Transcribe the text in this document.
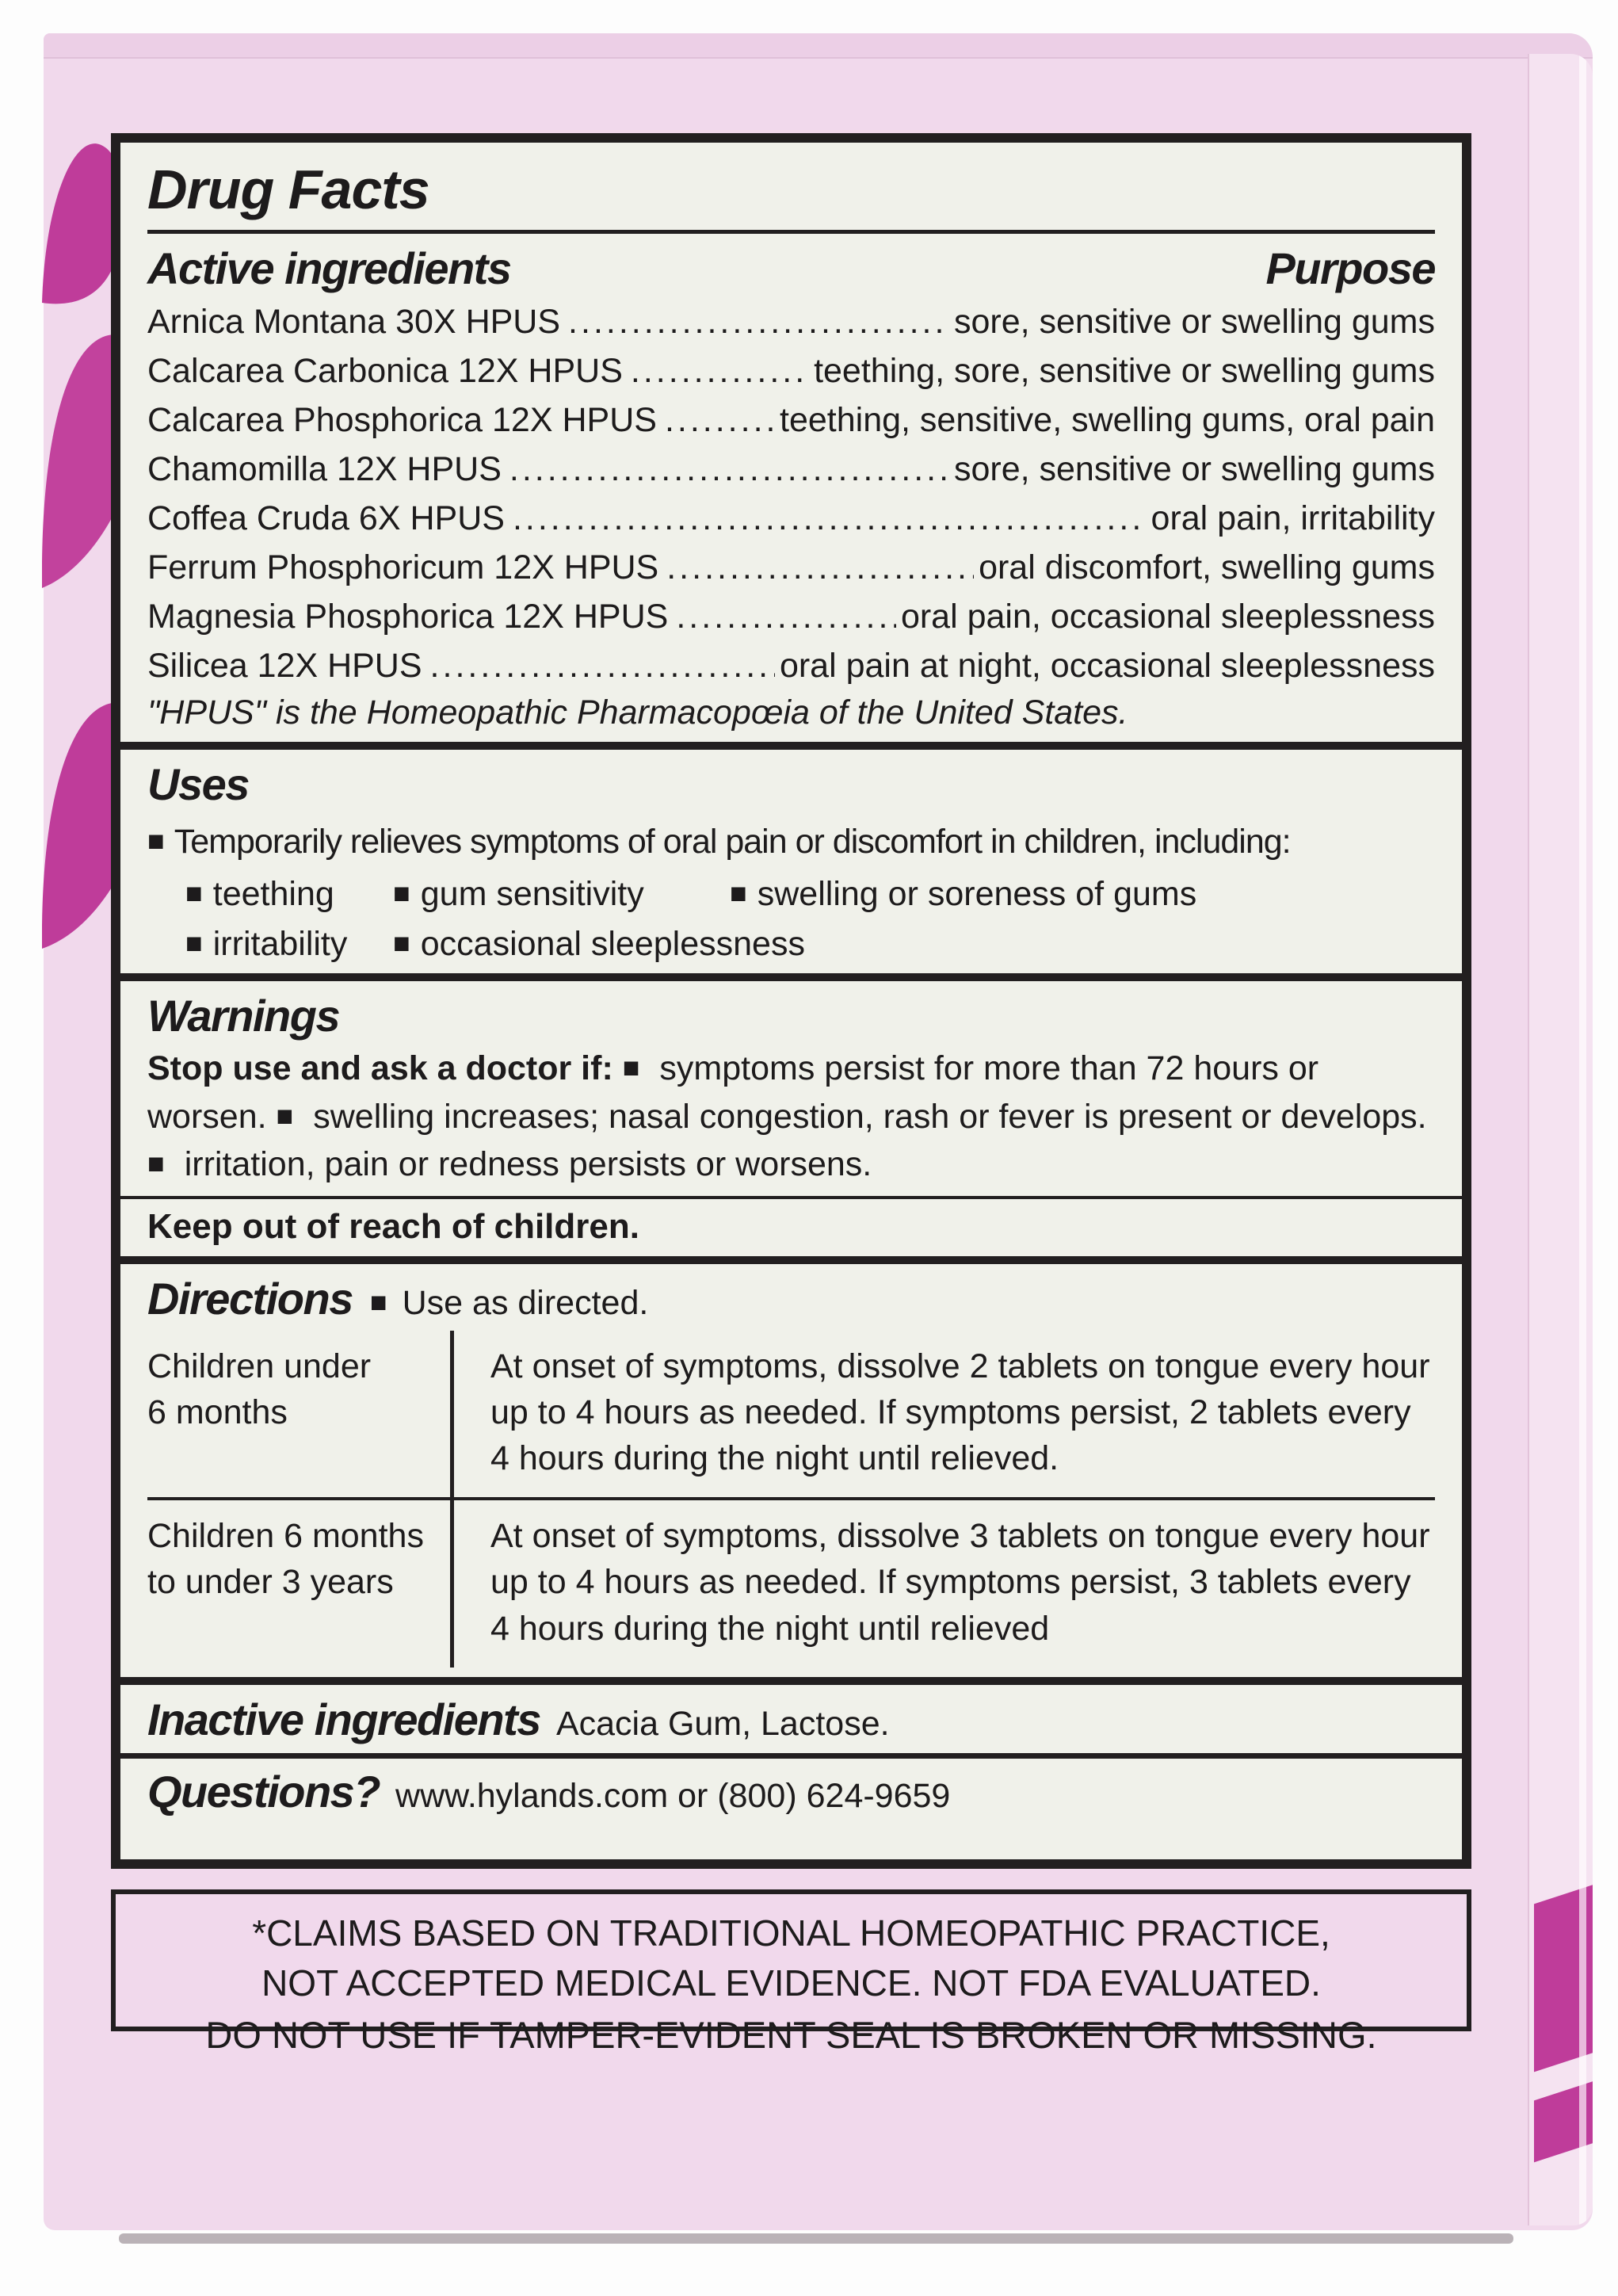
Drug Facts
Active ingredients	Purpose
Arnica Montana 30X HPUS .....	sore, sensitive or swelling gums
Calcarea Carbonica 12X HPUS .....	teething, sore, sensitive or swelling gums
Calcarea Phosphorica 12X HPUS .....	teething, sensitive, swelling gums, oral pain
Chamomilla 12X HPUS .....	sore, sensitive or swelling gums
Coffea Cruda 6X HPUS .....	oral pain, irritability
Ferrum Phosphoricum 12X HPUS .....	oral discomfort, swelling gums
Magnesia Phosphorica 12X HPUS .....	oral pain, occasional sleeplessness
Silicea 12X HPUS .....	oral pain at night, occasional sleeplessness
"HPUS" is the Homeopathic Pharmacopœia of the United States.
Uses
■ Temporarily relieves symptoms of oral pain or discomfort in children, including:
■ teething ■ gum sensitivity	■ swelling or soreness of gums
■ irritability ■ occasional sleeplessness
Warnings
Stop use and ask a doctor if: ■ symptoms persist for more than 72 hours or worsen. ■ swelling increases; nasal congestion, rash or fever is present or develops. ■ irritation, pain or redness persists or worsens.
Keep out of reach of children.
Directions ■ Use as directed.
Children under
6 months
At onset of symptoms, dissolve 2 tablets on tongue every hour up to 4 hours as needed. If symptoms persist, 2 tablets every 4 hours during the night until relieved.
Children 6 months
to under 3 years
At onset of symptoms, dissolve 3 tablets on tongue every hour up to 4 hours as needed. If symptoms persist, 3 tablets every 4 hours during the night until relieved
Inactive ingredients Acacia Gum, Lactose.
Questions? www.hylands.com or (800) 624-9659
*CLAIMS BASED ON TRADITIONAL HOMEOPATHIC PRACTICE,
NOT ACCEPTED MEDICAL EVIDENCE. NOT FDA EVALUATED.
DO NOT USE IF TAMPER-EVIDENT SEAL IS BROKEN OR MISSING.
